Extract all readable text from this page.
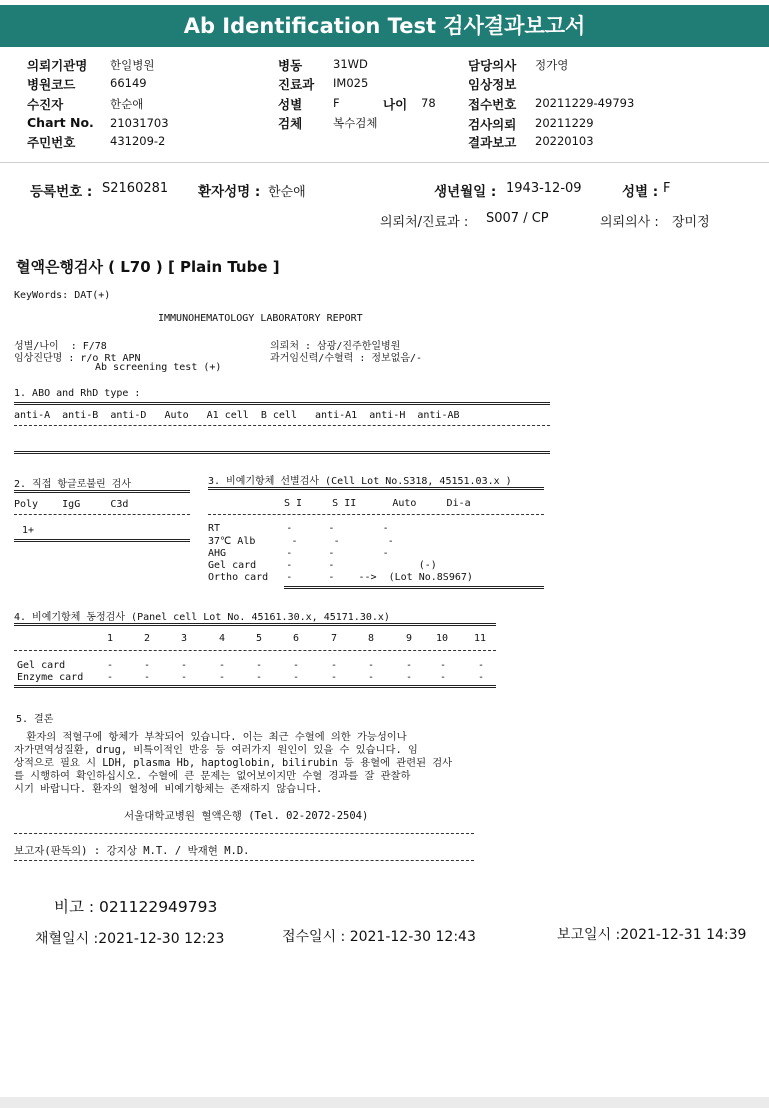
Ab Identification Test 검사결과보고서
의뢰기관명 한일병원
병원코드	66149
수진자	한순애
Chart No. 21031703
주민번호	431209-2
병동	31WD
진료과 IM025
성별	F	나이 78
검체	복수검체
담당의사 정가영
임상정보
접수번호 20211229-49793
검사의뢰 20211229
결과보고 20220103
등록번호 : S2160281 환자성명 : 한순애	생년월일 : 1943-12-09	성별 : F
의뢰처/진료과 : S007 / CP	의뢰의사 : 장미정
혈액은행검사 ( L70 ) [ Plain Tube ]
KeyWords: DAT(+)
IMMUNOHEMATOLOGY LABORATORY REPORT
성별/나이  : F/78
임상진단명 : r/o Rt APN
Ab screening test (+)
의뢰처 : 삼광/진주한일병원
과거임신력/수혈력 : 정보없음/-
1. ABO and RhD type :
anti-A  anti-B  anti-D   Auto   A1 cell  B cell   anti-A1  anti-H  anti-AB
2. 직접 항글로불린 검사
Poly    IgG     C3d
1+
3. 비예기항체 선별검사 (Cell Lot No.S318, 45151.03.x )
S I     S II      Auto     Di-a
RT           -      -        -
37℃ Alb      -      -        -
AHG          -      -        -
Gel card     -      -              (-)
Ortho card   -      -    -->  (Lot No.8S967)
4. 비예기항체 동정검사 (Panel cell Lot No. 45161.30.x, 45171.30.x)
1	2	3	4	5	6	7	8	9 10	11
Gel card	-	-	-	-	-	-	-	-	-	-	-
Enzyme card -	-	-	-	-	-	-	-	-	-	-
5. 결론
환자의 적혈구에 항체가 부착되어 있습니다. 이는 최근 수혈에 의한 가능성이나
자가면역성질환, drug, 비특이적인 반응 등 여러가지 원인이 있을 수 있습니다. 임
상적으로 필요 시 LDH, plasma Hb, haptoglobin, bilirubin 등 용혈에 관련된 검사
를 시행하여 확인하십시오. 수혈에 큰 문제는 없어보이지만 수혈 경과를 잘 관찰하
시기 바랍니다. 환자의 혈청에 비예기항체는 존재하지 않습니다.
서울대학교병원 혈액은행 (Tel. 02-2072-2504)
보고자(판독의) : 강지상 M.T. / 박재현 M.D.
비고 : 021122949793
채혈일시 :2021-12-30 12:23	접수일시 : 2021-12-30 12:43	보고일시 :2021-12-31 14:39
